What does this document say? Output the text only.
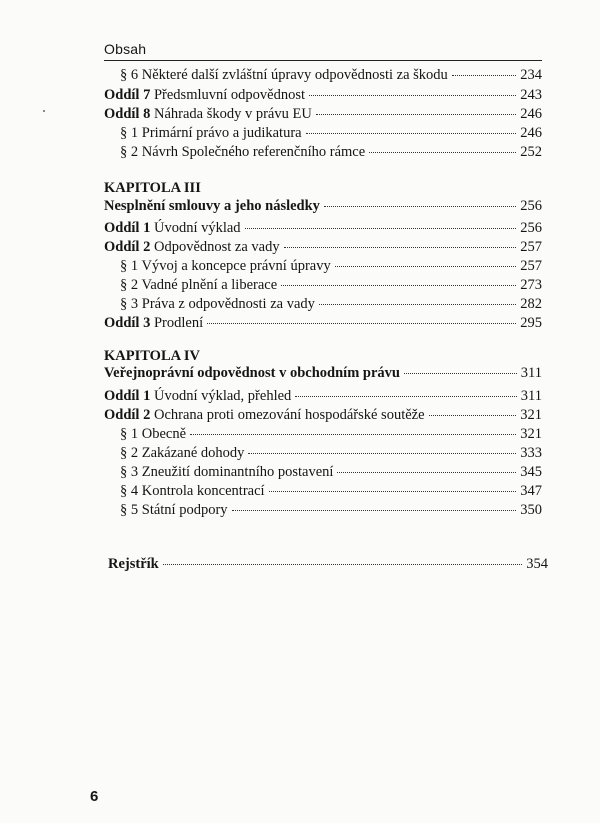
Obsah
§ 6 Některé další zvláštní úpravy odpovědnosti za škodu	234
Oddíl 7 Předsmluvní odpovědnost	243
Oddíl 8 Náhrada škody v právu EU	246
§ 1 Primární právo a judikatura	246
§ 2 Návrh Společného referenčního rámce	252
KAPITOLA III
Nesplnění smlouvy a jeho následky	256
Oddíl 1 Úvodní výklad	256
Oddíl 2 Odpovědnost za vady	257
§ 1 Vývoj a koncepce právní úpravy	257
§ 2 Vadné plnění a liberace	273
§ 3 Práva z odpovědnosti za vady	282
Oddíl 3 Prodlení	295
KAPITOLA IV
Veřejnoprávní odpovědnost v obchodním právu	311
Oddíl 1 Úvodní výklad, přehled	311
Oddíl 2 Ochrana proti omezování hospodářské soutěže	321
§ 1 Obecně	321
§ 2 Zakázané dohody	333
§ 3 Zneužití dominantního postavení	345
§ 4 Kontrola koncentrací	347
§ 5 Státní podpory	350
Rejstřík	354
6
